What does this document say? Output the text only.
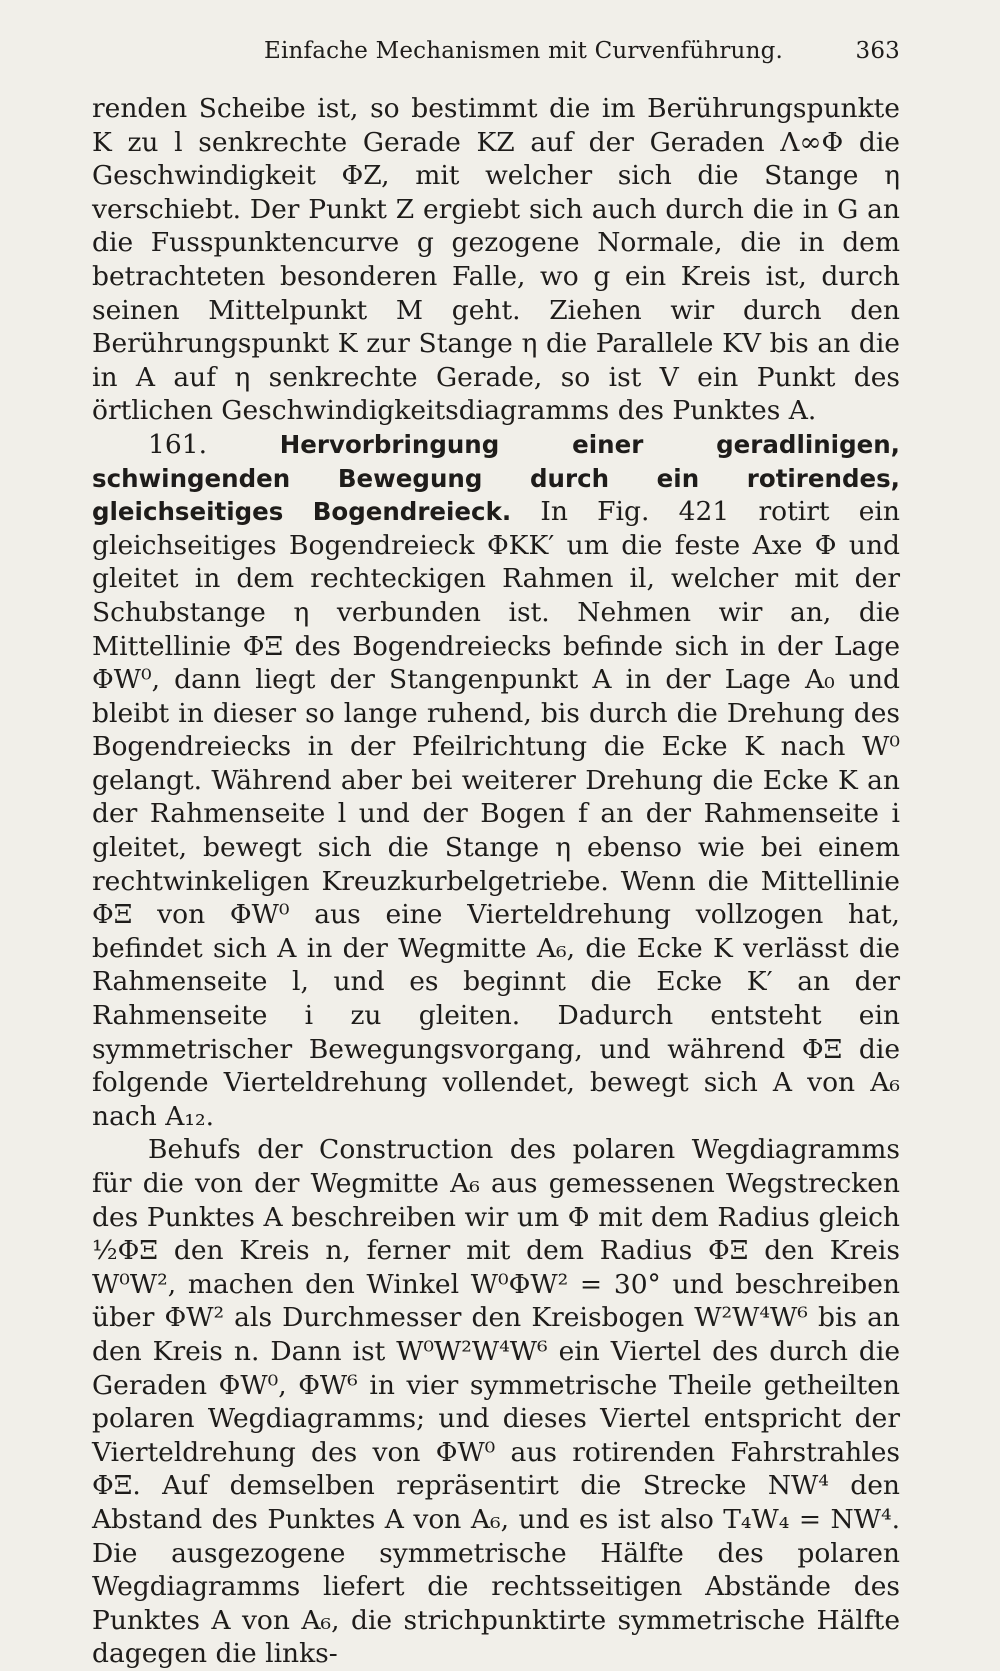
Einfache Mechanismen mit Curvenführung.	363

renden Scheibe ist, so bestimmt die im Berührungspunkte K zu l senkrechte Gerade KZ auf der Geraden Λ∞Φ die Geschwindigkeit ΦZ, mit welcher sich die Stange η verschiebt. Der Punkt Z ergiebt sich auch durch die in G an die Fusspunktencurve g gezogene Normale, die in dem betrachteten besonderen Falle, wo g ein Kreis ist, durch seinen Mittelpunkt M geht. Ziehen wir durch den Berührungspunkt K zur Stange η die Parallele KV bis an die in A auf η senkrechte Gerade, so ist V ein Punkt des örtlichen Geschwindigkeitsdiagramms des Punktes A.

161.	Hervorbringung einer geradlinigen, schwingenden Bewegung durch ein rotirendes, gleichseitiges Bogendreieck. In Fig. 421 rotirt ein gleichseitiges Bogendreieck ΦKK′ um die feste Axe Φ und gleitet in dem rechteckigen Rahmen il, welcher mit der Schubstange η verbunden ist. Nehmen wir an, die Mittellinie ΦΞ des Bogendreiecks befinde sich in der Lage ΦW⁰, dann liegt der Stangenpunkt A in der Lage A₀ und bleibt in dieser so lange ruhend, bis durch die Drehung des Bogendreiecks in der Pfeilrichtung die Ecke K nach W⁰ gelangt. Während aber bei weiterer Drehung die Ecke K an der Rahmenseite l und der Bogen f an der Rahmenseite i gleitet, bewegt sich die Stange η ebenso wie bei einem rechtwinkeligen Kreuzkurbelgetriebe. Wenn die Mittellinie ΦΞ von ΦW⁰ aus eine Vierteldrehung vollzogen hat, befindet sich A in der Wegmitte A₆, die Ecke K verlässt die Rahmenseite l, und es beginnt die Ecke K′ an der Rahmenseite i zu gleiten. Dadurch entsteht ein symmetrischer Bewegungsvorgang, und während ΦΞ die folgende Vierteldrehung vollendet, bewegt sich A von A₆ nach A₁₂.

Behufs der Construction des polaren Wegdiagramms für die von der Wegmitte A₆ aus gemessenen Wegstrecken des Punktes A beschreiben wir um Φ mit dem Radius gleich ½ΦΞ den Kreis n, ferner mit dem Radius ΦΞ den Kreis W⁰W², machen den Winkel W⁰ΦW² = 30° und beschreiben über ΦW² als Durchmesser den Kreisbogen W²W⁴W⁶ bis an den Kreis n. Dann ist W⁰W²W⁴W⁶ ein Viertel des durch die Geraden ΦW⁰, ΦW⁶ in vier symmetrische Theile getheilten polaren Wegdiagramms; und dieses Viertel entspricht der Vierteldrehung des von ΦW⁰ aus rotirenden Fahrstrahles ΦΞ. Auf demselben repräsentirt die Strecke NW⁴ den Abstand des Punktes A von A₆, und es ist also T₄W₄ = NW⁴. Die ausgezogene symmetrische Hälfte des polaren Wegdiagramms liefert die rechtsseitigen Abstände des Punktes A von A₆, die strichpunktirte symmetrische Hälfte dagegen die links-
